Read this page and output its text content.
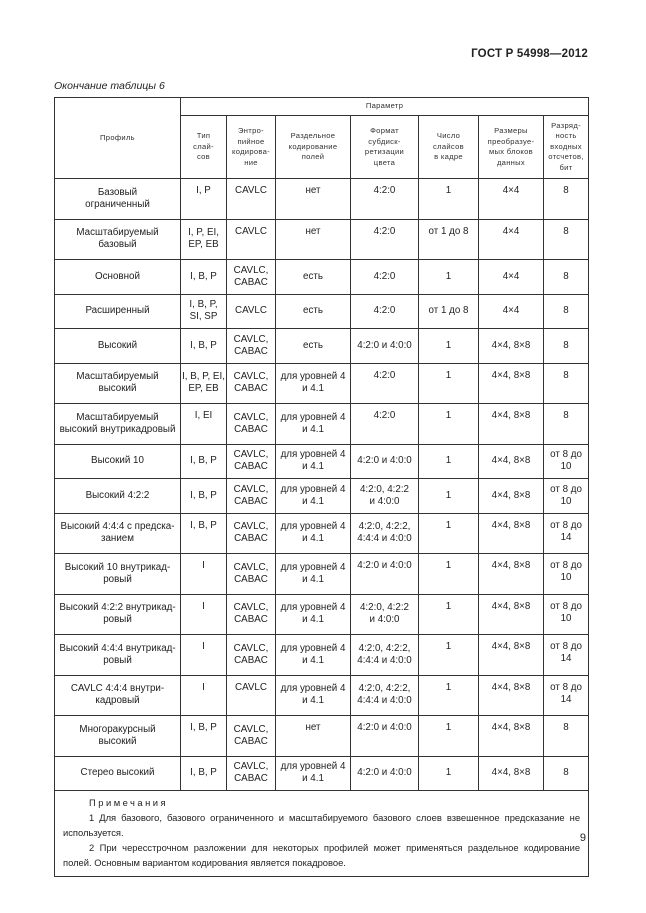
ГОСТ Р 54998—2012
Окончание таблицы 6
Профиль	Параметр						

	Тип
слай-
сов	Энтро-
пийное
кодирова-
ние	Раздельное
кодирование
полей	Формат
субдиск-
ретизации
цвета	Число
слайсов
в кадре	Размеры
преобразуе-
мых блоков
данных	Разряд-
ность
входных
отсчетов,
бит

Базовый
ограниченный	I, P	CAVLC	нет	4:2:0	1	4×4	8

Масштабируемый
базовый	I, P, EI,
EP, EB	CAVLC	нет	4:2:0	от 1 до 8	4×4	8

Основной	I, B, P	CAVLC,
CABAC	есть	4:2:0	1	4×4	8

Расширенный	I, B, P,
SI, SP	CAVLC	есть	4:2:0	от 1 до 8	4×4	8

Высокий	I, B, P	CAVLC,
CABAC	есть	4:2:0 и 4:0:0	1	4×4, 8×8	8

Масштабируемый
высокий	I, B, P, EI,
EP, EB	CAVLC,
CABAC	для уровней 4
и 4.1	4:2:0	1	4×4, 8×8	8

Масштабируемый
высокий внутрикадровый	I, EI	CAVLC,
CABAC	для уровней 4
и 4.1	4:2:0	1	4×4, 8×8	8

Высокий 10	I, B, P	CAVLC,
CABAC	для уровней 4
и 4.1	4:2:0 и 4:0:0	1	4×4, 8×8	от 8 до 10

Высокий 4:2:2	I, B, P	CAVLC,
CABAC	для уровней 4
и 4.1	4:2:0, 4:2:2
и 4:0:0	1	4×4, 8×8	от 8 до 10

Высокий 4:4:4 с предска-
занием	I, B, P	CAVLC,
CABAC	для уровней 4
и 4.1	4:2:0, 4:2:2,
4:4:4 и 4:0:0	1	4×4, 8×8	от 8 до 14

Высокий 10 внутрикад-
ровый	I	CAVLC,
CABAC	для уровней 4
и 4.1	4:2:0 и 4:0:0	1	4×4, 8×8	от 8 до 10

Высокий 4:2:2 внутрикад-
ровый	I	CAVLC,
CABAC	для уровней 4
и 4.1	4:2:0, 4:2:2
и 4:0:0	1	4×4, 8×8	от 8 до 10

Высокий 4:4:4 внутрикад-
ровый	I	CAVLC,
CABAC	для уровней 4
и 4.1	4:2:0, 4:2:2,
4:4:4 и 4:0:0	1	4×4, 8×8	от 8 до 14

CAVLC 4:4:4 внутри-
кадровый	I	CAVLC	для уровней 4
и 4.1	4:2:0, 4:2:2,
4:4:4 и 4:0:0	1	4×4, 8×8	от 8 до 14

Многоракурсный
высокий	I, B, P	CAVLC,
CABAC	нет	4:2:0 и 4:0:0	1	4×4, 8×8	8

Стерео высокий	I, B, P	CAVLC,
CABAC	для уровней 4
и 4.1	4:2:0 и 4:0:0	1	4×4, 8×8	8

Примечания
1 Для базового, базового ограниченного и масштабируемого базового слоев взвешенное предсказание не используется.
2 При чересстрочном разложении для некоторых профилей может применяться раздельное кодирование полей. Основным вариантом кодирования является покадровое.							
9
